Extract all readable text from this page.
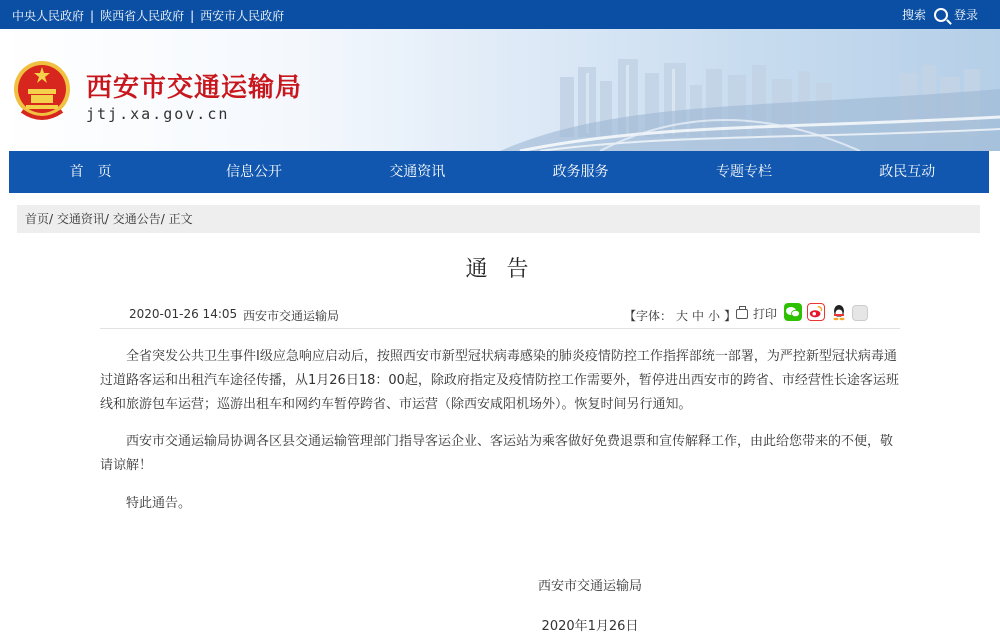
中央人民政府 | 陕西省人民政府 | 西安市人民政府	搜索 登录
西安市交通运输局
jtj.xa.gov.cn
首　页	信息公开	交通资讯	政务服务	专题专栏	政民互动
首页/ 交通资讯/ 交通公告/ 正文
通 告
2020-01-26 14:05 西安市交通运输局	【字体： 大 中 小 】 打印

全省突发公共卫生事件I级应急响应启动后，按照西安市新型冠状病毒感染的肺炎疫情防控工作指挥部统一部署，为严控新型冠状病毒通过道路客运和出租汽车途径传播，从1月26日18：00起，除政府指定及疫情防控工作需要外，暂停进出西安市的跨省、市经营性长途客运班线和旅游包车运营；巡游出租车和网约车暂停跨省、市运营（除西安咸阳机场外）。恢复时间另行通知。

西安市交通运输局协调各区县交通运输管理部门指导客运企业、客运站为乘客做好免费退票和宣传解释工作，由此给您带来的不便，敬请谅解！

特此通告。

西安市交通运输局
2020年1月26日
